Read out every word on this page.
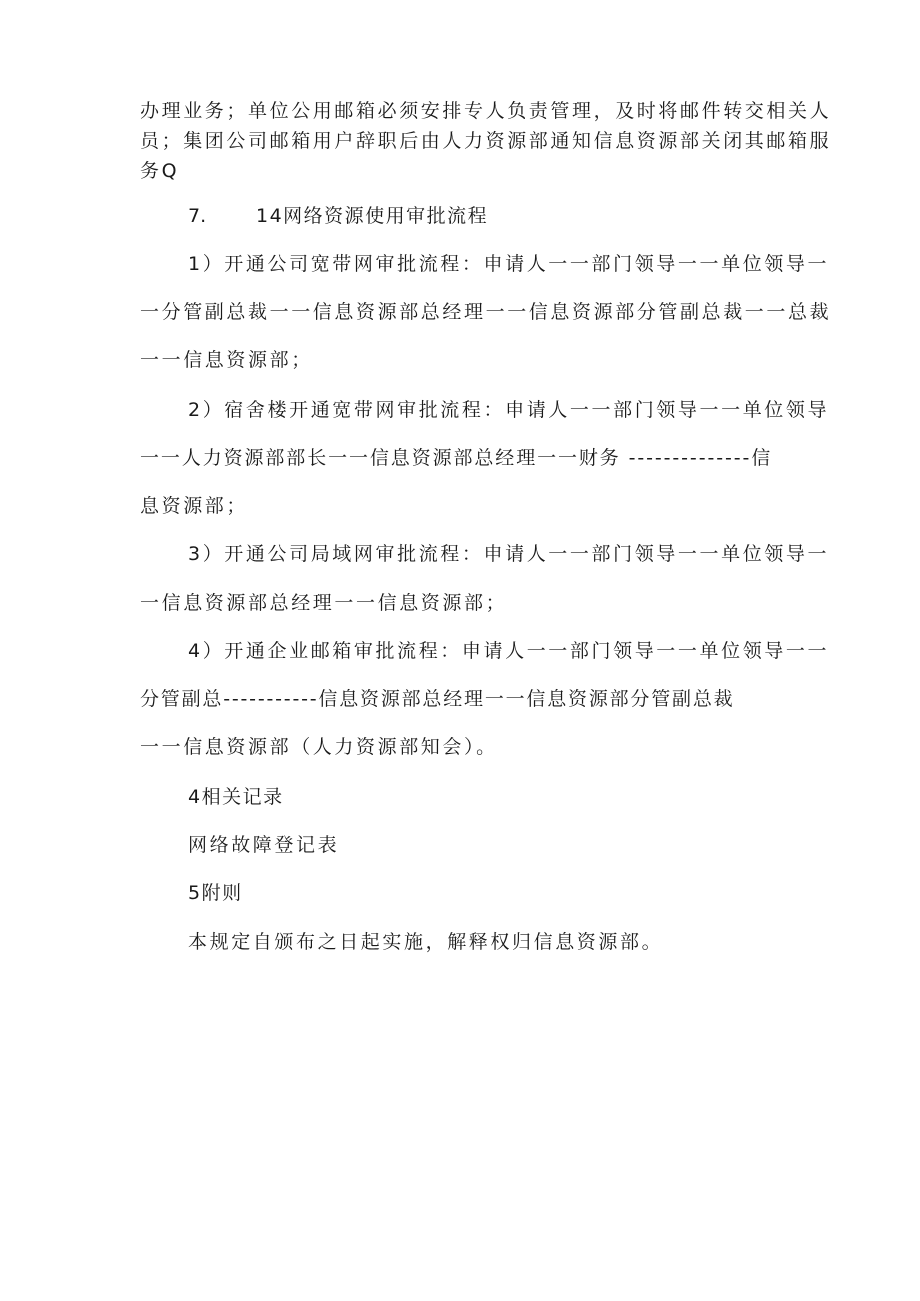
办理业务；单位公用邮箱必须安排专人负责管理，及时将邮件转交相关人
员；集团公司邮箱用户辞职后由人力资源部通知信息资源部关闭其邮箱服
务Q
7.	14网络资源使用审批流程
1）开通公司宽带网审批流程：申请人一一部门领导一一单位领导一
一分管副总裁一一信息资源部总经理一一信息资源部分管副总裁一一总裁
一一信息资源部；
2）宿舍楼开通宽带网审批流程：申请人一一部门领导一一单位领导
一一人力资源部部长一一信息资源部总经理一一财务 --------------信
息资源部；
3）开通公司局域网审批流程：申请人一一部门领导一一单位领导一
一信息资源部总经理一一信息资源部；
4）开通企业邮箱审批流程：申请人一一部门领导一一单位领导一一
分管副总-----------信息资源部总经理一一信息资源部分管副总裁
一一信息资源部（人力资源部知会）。
4相关记录
网络故障登记表
5附则
本规定自颁布之日起实施，解释权归信息资源部。
